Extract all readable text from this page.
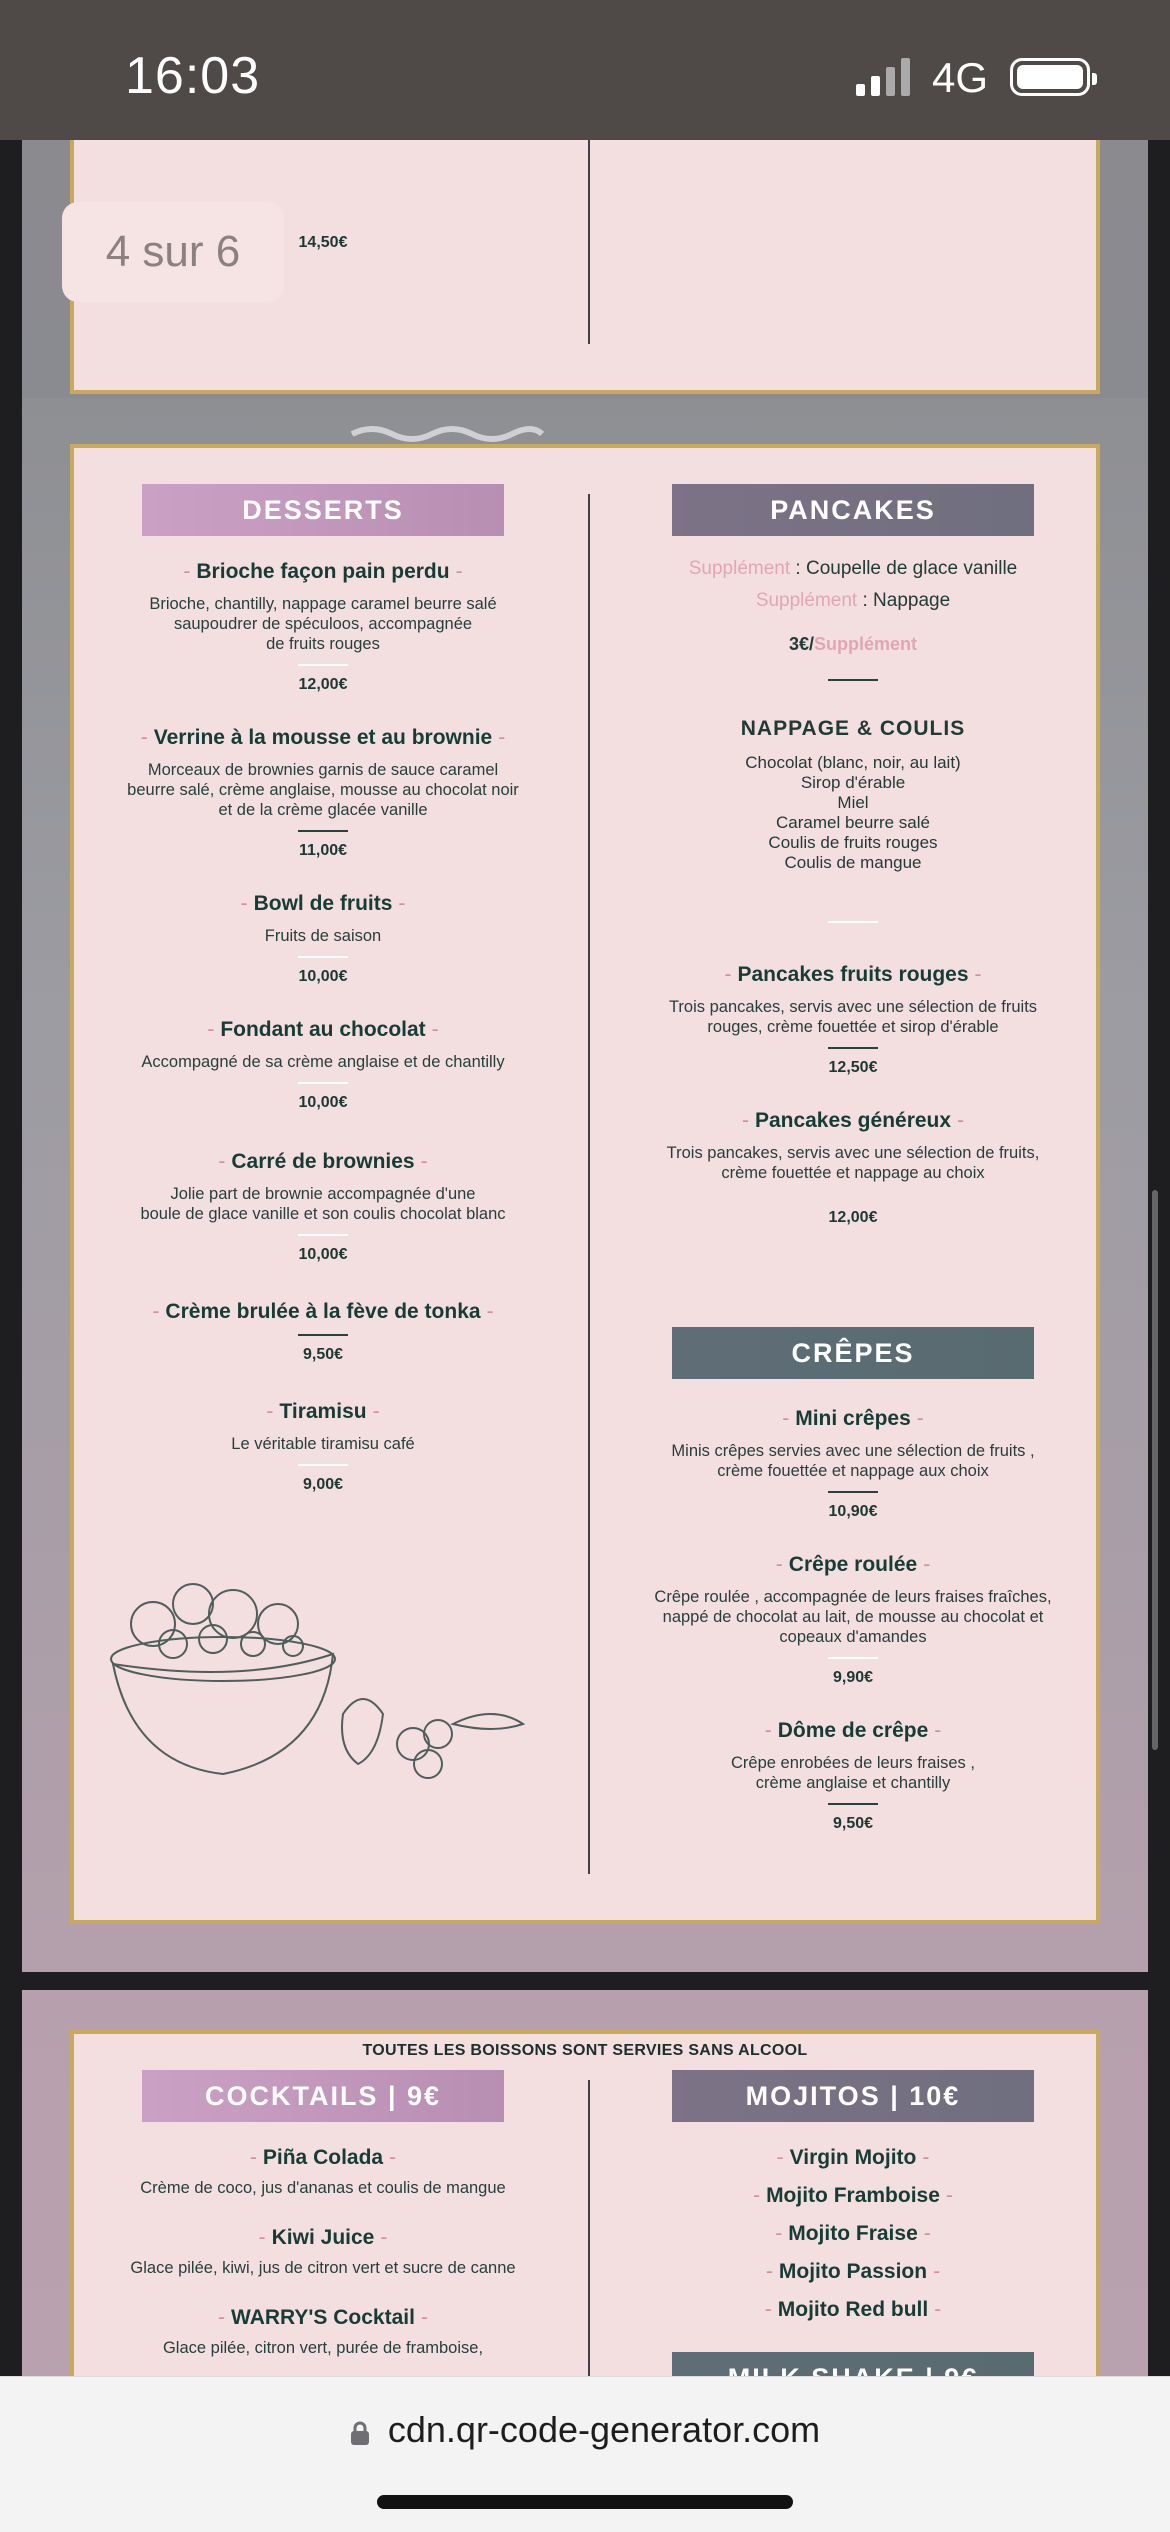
16:03	4G
14,50€
DESSERTS
- Brioche façon pain perdu -
Brioche, chantilly, nappage caramel beurre salé
saupoudrer de spéculoos, accompagnée
de fruits rouges
12,00€
- Verrine à la mousse et au brownie -
Morceaux de brownies garnis de sauce caramel
beurre salé, crème anglaise, mousse au chocolat noir
et de la crème glacée vanille
11,00€
- Bowl de fruits -
Fruits de saison
10,00€
- Fondant au chocolat -
Accompagné de sa crème anglaise et de chantilly
10,00€
- Carré de brownies -
Jolie part de brownie accompagnée d'une
boule de glace vanille et son coulis chocolat blanc
10,00€
- Crème brulée à la fève de tonka -
9,50€
- Tiramisu -
Le véritable tiramisu café
9,00€
PANCAKES
Supplément : Coupelle de glace vanille
Supplément : Nappage
3€/Supplément
NAPPAGE & COULIS
Chocolat (blanc, noir, au lait)
Sirop d'érable
Miel
Caramel beurre salé
Coulis de fruits rouges
Coulis de mangue
- Pancakes fruits rouges -
Trois pancakes, servis avec une sélection de fruits
rouges, crème fouettée et sirop d'érable
12,50€
- Pancakes généreux -
Trois pancakes, servis avec une sélection de fruits,
crème fouettée et nappage au choix
12,00€
CRÊPES
- Mini crêpes -
Minis crêpes servies avec une sélection de fruits ,
crème fouettée et nappage aux choix
10,90€
- Crêpe roulée -
Crêpe roulée , accompagnée de leurs fraises fraîches,
nappé de chocolat au lait, de mousse au chocolat et
copeaux d'amandes
9,90€
- Dôme de crêpe -
Crêpe enrobées de leurs fraises ,
crème anglaise et chantilly
9,50€
TOUTES LES BOISSONS SONT SERVIES SANS ALCOOL
COCKTAILS | 9€
- Piña Colada -
Crème de coco, jus d'ananas et coulis de mangue
- Kiwi Juice -
Glace pilée, kiwi, jus de citron vert et sucre de canne
- WARRY'S Cocktail -
Glace pilée, citron vert, purée de framboise,
MOJITOS | 10€
- Virgin Mojito -
- Mojito Framboise -
- Mojito Fraise -
- Mojito Passion -
- Mojito Red bull -
4 sur 6
cdn.qr-code-generator.com
